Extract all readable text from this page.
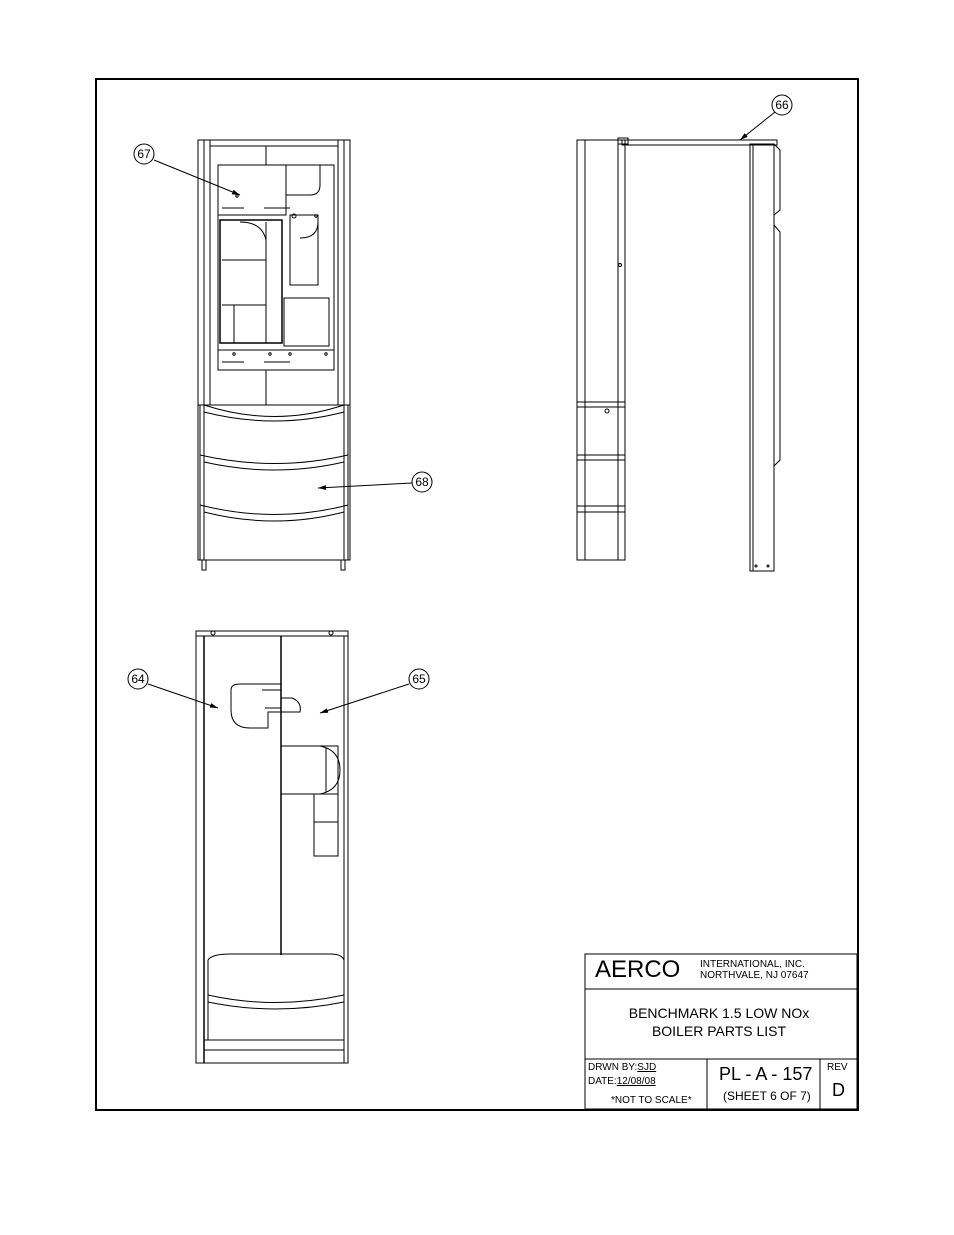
67
66
68
64	65
AERCO INTERNATIONAL, INC.
NORTHVALE, NJ 07647
BENCHMARK 1.5 LOW NOx
BOILER PARTS LIST
DRWN BY:SJD
DATE:12/08/08
*NOT TO SCALE*
PL - A - 157
(SHEET 6 OF 7)
REV
D
